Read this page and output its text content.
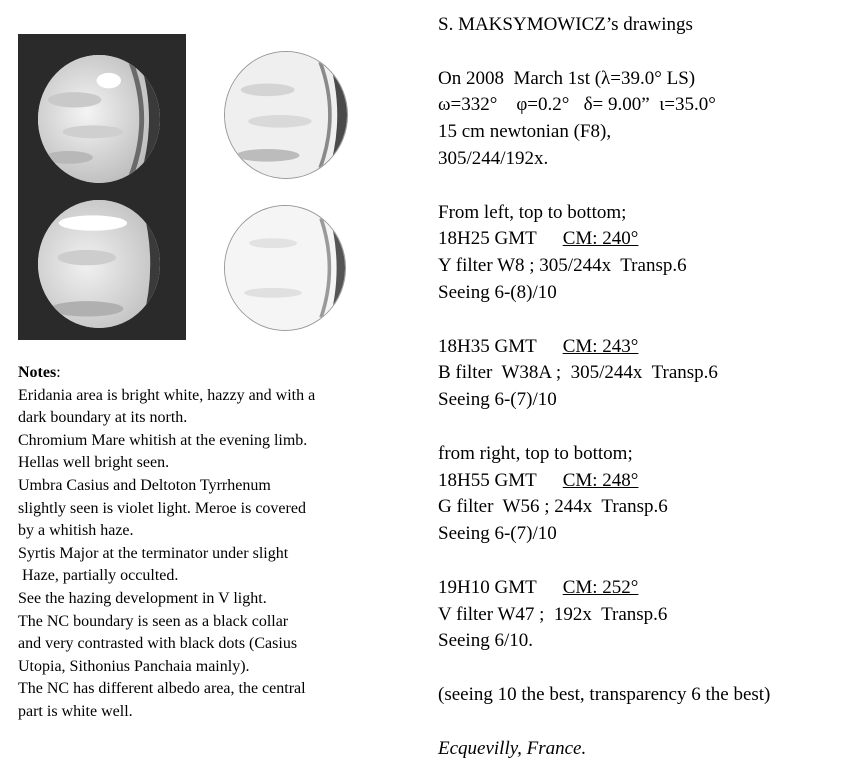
Notes:
Eridania area is bright white, hazzy and with a
dark boundary at its north.
Chromium Mare whitish at the evening limb.
Hellas well bright seen.
Umbra Casius and Deltoton Tyrrhenum
slightly seen is violet light. Meroe is covered
by a whitish haze.
Syrtis Major at the terminator under slight
Haze, partially occulted.
See the hazing development in V light.
The NC boundary is seen as a black collar
and very contrasted with black dots (Casius
Utopia, Sithonius Panchaia mainly).
The NC has different albedo area, the central
part is white well.
S. MAKSYMOWICZ’s drawings
On 2008  March 1st (λ=39.0° LS)
ω=332°    φ=0.2°   δ= 9.00”  ι=35.0°
15 cm newtonian (F8),
305/244/192x.
From left, top to bottom;
18H25 GMT CM: 240°
Y filter W8 ; 305/244x  Transp.6
Seeing 6-(8)/10
18H35 GMT CM: 243°
B filter  W38A ;  305/244x  Transp.6
Seeing 6-(7)/10
from right, top to bottom;
18H55 GMT CM: 248°
G filter  W56 ; 244x  Transp.6
Seeing 6-(7)/10
19H10 GMT CM: 252°
V filter W47 ;  192x  Transp.6
Seeing 6/10.
(seeing 10 the best, transparency 6 the best)
Ecquevilly, France.
